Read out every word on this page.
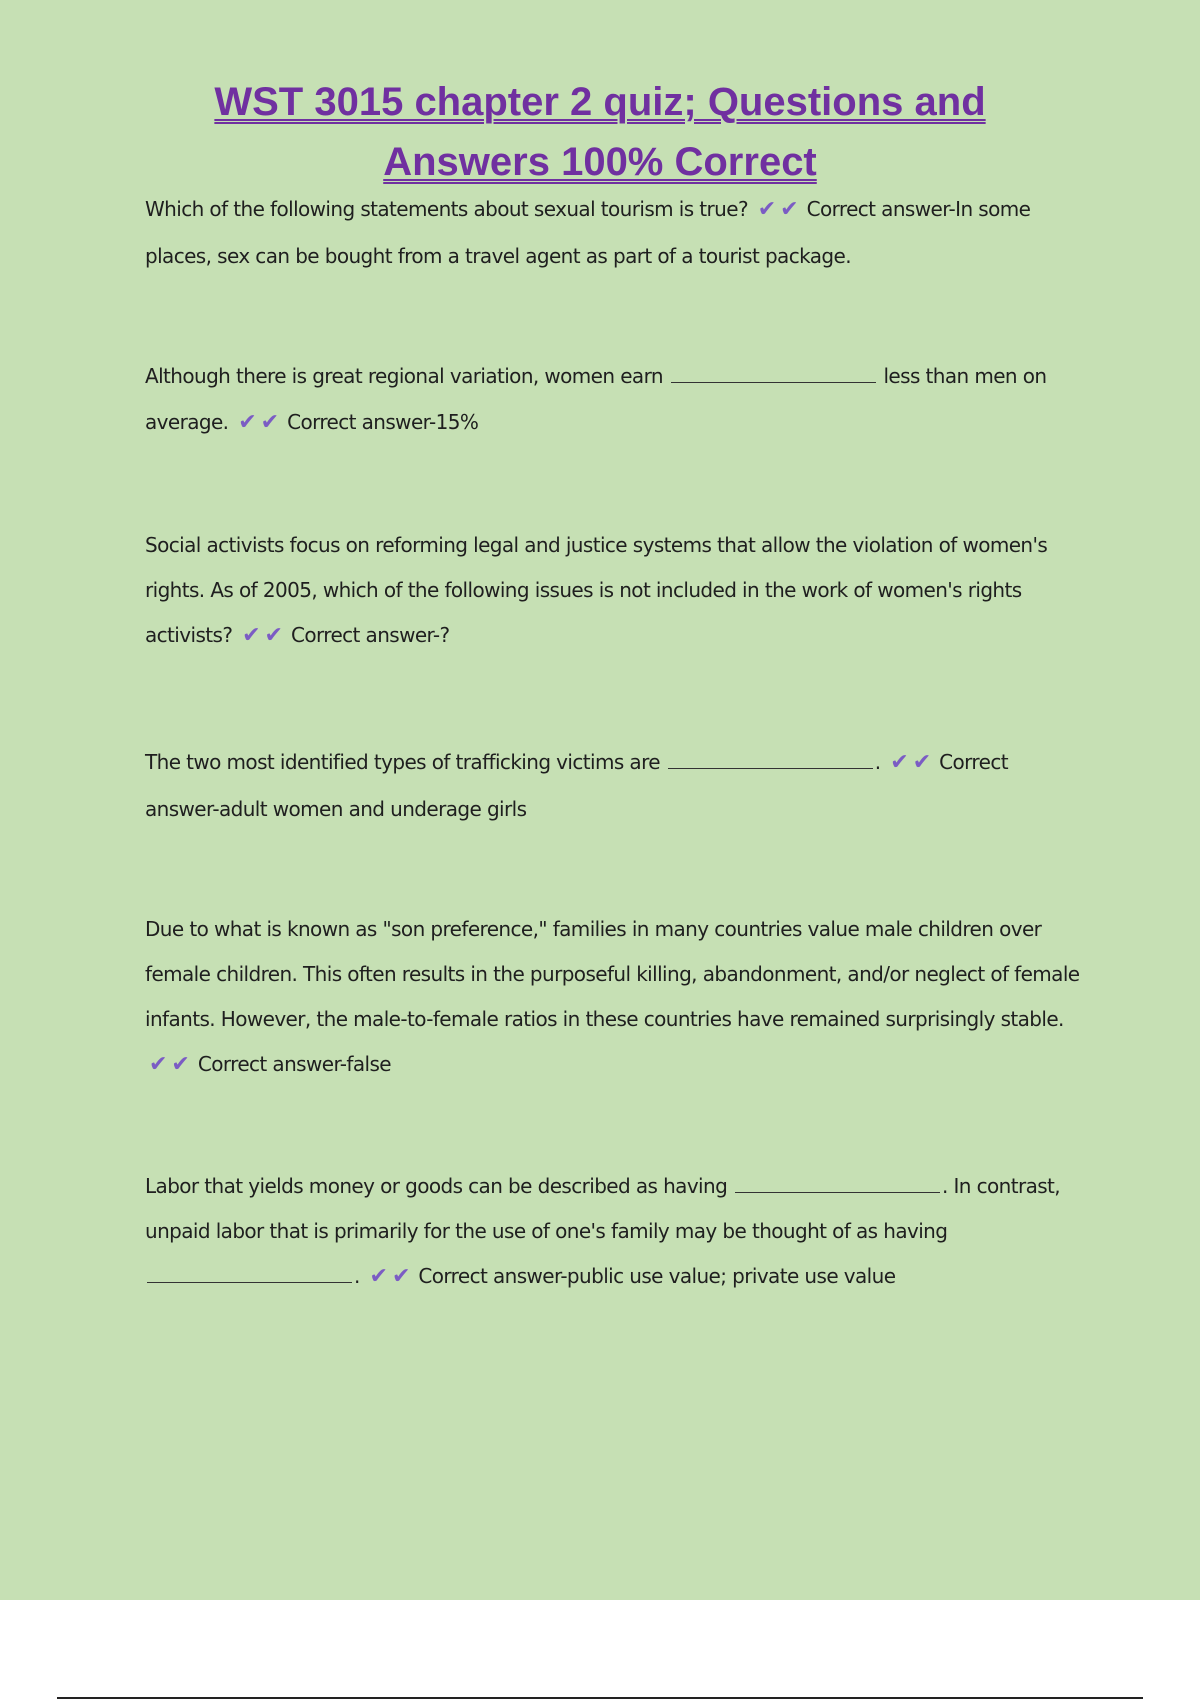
WST 3015 chapter 2 quiz; Questions and
Answers 100% Correct

Which of the following statements about sexual tourism is true? ✔✔ Correct answer-In some places, sex can be bought from a travel agent as part of a tourist package.

Although there is great regional variation, women earn	less than men on average. ✔✔ Correct answer-15%

Social activists focus on reforming legal and justice systems that allow the violation of women's rights. As of 2005, which of the following issues is not included in the work of women's rights activists? ✔✔ Correct answer-?

The two most identified types of trafficking victims are	. ✔✔ Correct answer-adult women and underage girls

Due to what is known as "son preference," families in many countries value male children over female children. This often results in the purposeful killing, abandonment, and/or neglect of female infants. However, the male-to-female ratios in these countries have remained surprisingly stable. ✔✔ Correct answer-false

Labor that yields money or goods can be described as having	. In contrast, unpaid labor that is primarily for the use of one's family may be thought of as having . ✔✔ Correct answer-public use value; private use value
